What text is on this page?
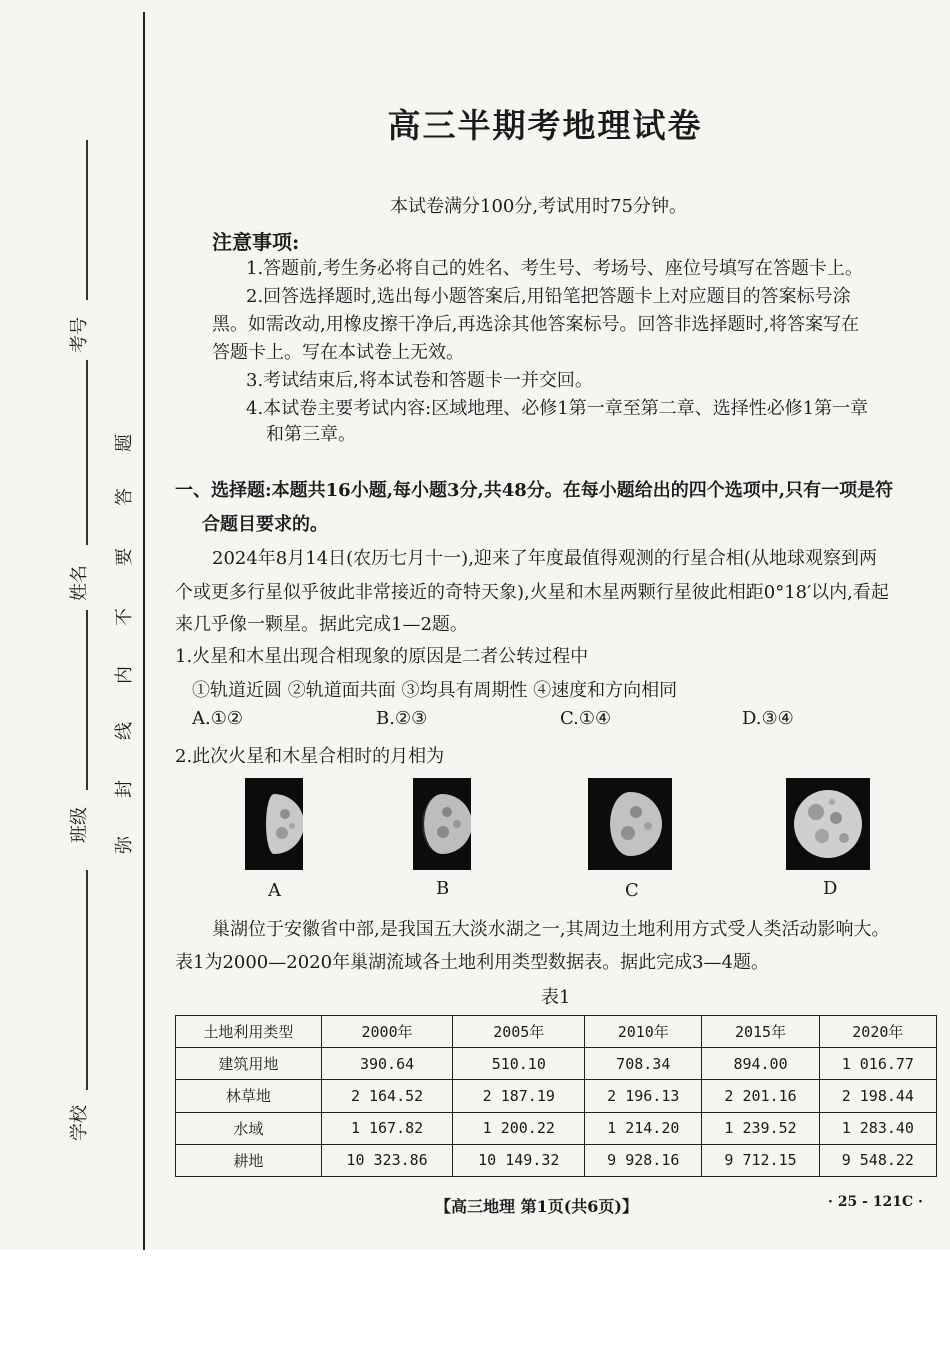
考号
姓名
班级
学校
题
答
要
不
内
线
封
弥
高三半期考地理试卷
本试卷满分100分,考试用时75分钟。
注意事项:
1.答题前,考生务必将自己的姓名、考生号、考场号、座位号填写在答题卡上。
2.回答选择题时,选出每小题答案后,用铅笔把答题卡上对应题目的答案标号涂
黑。如需改动,用橡皮擦干净后,再选涂其他答案标号。回答非选择题时,将答案写在
答题卡上。写在本试卷上无效。
3.考试结束后,将本试卷和答题卡一并交回。
4.本试卷主要考试内容:区域地理、必修1第一章至第二章、选择性必修1第一章
和第三章。
一、选择题:本题共16小题,每小题3分,共48分。在每小题给出的四个选项中,只有一项是符
合题目要求的。
2024年8月14日(农历七月十一),迎来了年度最值得观测的行星合相(从地球观察到两
个或更多行星似乎彼此非常接近的奇特天象),火星和木星两颗行星彼此相距0°18′以内,看起
来几乎像一颗星。据此完成1—2题。
1.火星和木星出现合相现象的原因是二者公转过程中
①轨道近圆 ②轨道面共面 ③均具有周期性 ④速度和方向相同
A.①②	B.②③	C.①④	D.③④
2.此次火星和木星合相时的月相为
A	B	C	D
巢湖位于安徽省中部,是我国五大淡水湖之一,其周边土地利用方式受人类活动影响大。
表1为2000—2020年巢湖流域各土地利用类型数据表。据此完成3—4题。
表1
土地利用类型	2000年	2005年	2010年	2015年	2020年
建筑用地	390.64	510.10	708.34	894.00	1 016.77
林草地	2 164.52	2 187.19	2 196.13	2 201.16	2 198.44
水域	1 167.82	1 200.22	1 214.20	1 239.52	1 283.40
耕地	10 323.86	10 149.32	9 928.16	9 712.15	9 548.22
【高三地理 第1页(共6页)】	· 25 - 121C ·
